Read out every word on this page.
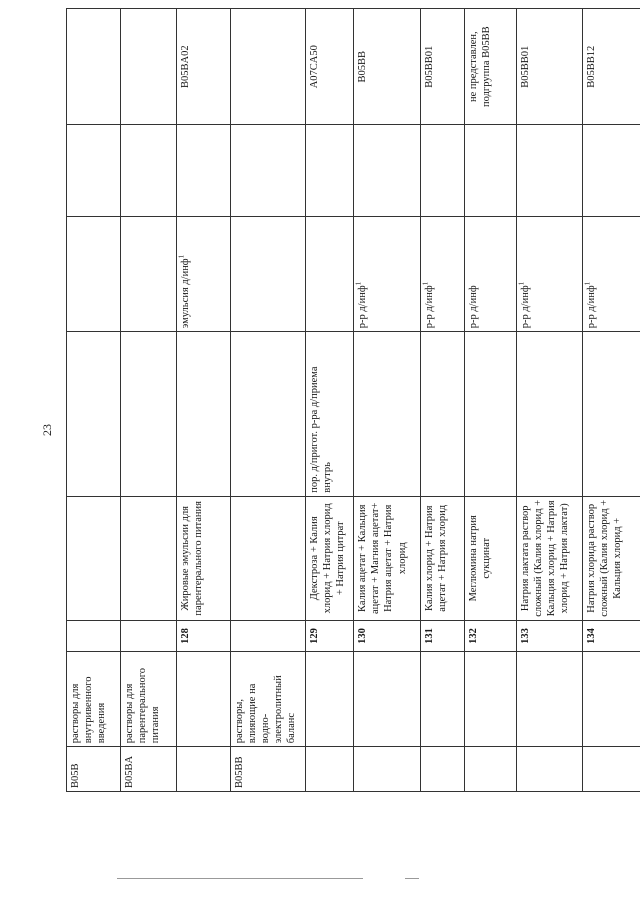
23
B05B	растворы для внутривенного введения						
B05BA	растворы для парентерального питания						
		128	Жировые эмульсии для парентерального питания		эмульсия д/инф$^1$		B05BA02
B05BB	растворы, влияющие на водно-электролитный баланс						
		129	Декстроза + Калия хлорид + Натрия хлорид + Натрия цитрат	пор. д/пригот. р-ра д/приема внутрь			A07CA50
		130	Калия ацетат + Кальция ацетат + Магния ацетат+ Натрия ацетат + Натрия хлорид		р-р д/инф$^1$		B05BB
		131	Калия хлорид + Натрия ацетат + Натрия хлорид		р-р д/инф$^1$		B05BB01
		132	Меглюмина натрия сукцинат		р-р д/инф		не представлен, подгруппа B05BB
		133	Натрия лактата раствор сложный (Калия хлорид + Кальция хлорид + Натрия хлорид + Натрия лактат)		р-р д/инф$^1$		B05BB01
		134	Натрия хлорида раствор сложный (Калия хлорид + Кальция хлорид +		р-р д/инф$^1$		B05BB12
